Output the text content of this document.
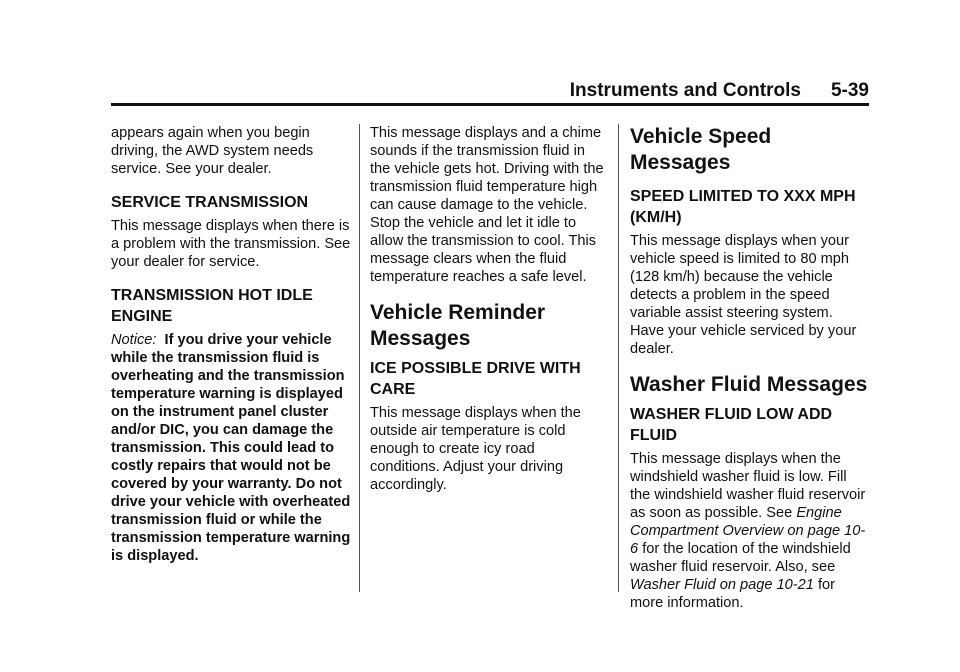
Instruments and Controls 5-39

appears again when you begin driving, the AWD system needs service. See your dealer.

SERVICE TRANSMISSION

This message displays when there is a problem with the transmission. See your dealer for service.

TRANSMISSION HOT IDLE ENGINE

Notice: If you drive your vehicle while the transmission fluid is overheating and the transmission temperature warning is displayed on the instrument panel cluster and/or DIC, you can damage the transmission. This could lead to costly repairs that would not be covered by your warranty. Do not drive your vehicle with overheated transmission fluid or while the transmission temperature warning is displayed.

This message displays and a chime sounds if the transmission fluid in the vehicle gets hot. Driving with the transmission fluid temperature high can cause damage to the vehicle. Stop the vehicle and let it idle to allow the transmission to cool. This message clears when the fluid temperature reaches a safe level.

Vehicle Reminder Messages
ICE POSSIBLE DRIVE WITH CARE

This message displays when the outside air temperature is cold enough to create icy road conditions. Adjust your driving accordingly.

Vehicle Speed Messages
SPEED LIMITED TO XXX MPH (KM/H)

This message displays when your vehicle speed is limited to 80 mph (128 km/h) because the vehicle detects a problem in the speed variable assist steering system. Have your vehicle serviced by your dealer.

Washer Fluid Messages
WASHER FLUID LOW ADD FLUID

This message displays when the windshield washer fluid is low. Fill the windshield washer fluid reservoir as soon as possible. See Engine Compartment Overview on page 10-6 for the location of the windshield washer fluid reservoir. Also, see Washer Fluid on page 10-21 for more information.
